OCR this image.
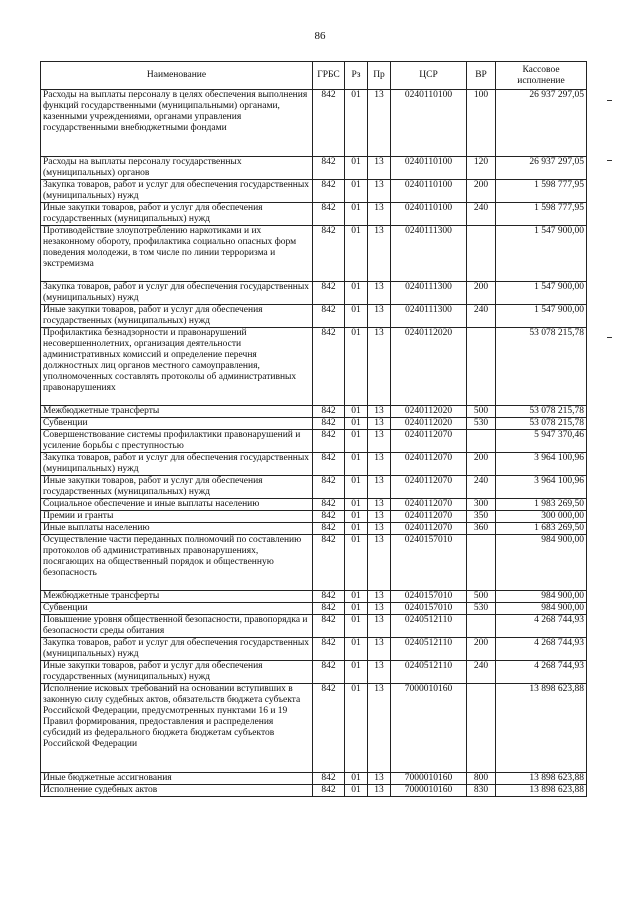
86
Наименование	ГРБС	Рз	Пр	ЦСР	ВР	Кассовое исполнение
Расходы на выплаты персоналу в целях обеспечения выполнения функций государственными (муниципальными) органами, казенными учреждениями, органами управления государственными внебюджетными фондами	842	01	13	0240110100	100	26 937 297,05
Расходы на выплаты персоналу государственных (муниципальных) органов	842	01	13	0240110100	120	26 937 297,05
Закупка товаров, работ и услуг для обеспечения государственных (муниципальных) нужд	842	01	13	0240110100	200	1 598 777,95
Иные закупки товаров, работ и услуг для обеспечения государственных (муниципальных) нужд	842	01	13	0240110100	240	1 598 777,95
Противодействие злоупотреблению наркотиками и их незаконному обороту, профилактика социально опасных форм поведения молодежи, в том числе по линии терроризма и экстремизма	842	01	13	0240111300		1 547 900,00
Закупка товаров, работ и услуг для обеспечения государственных (муниципальных) нужд	842	01	13	0240111300	200	1 547 900,00
Иные закупки товаров, работ и услуг для обеспечения государственных (муниципальных) нужд	842	01	13	0240111300	240	1 547 900,00
Профилактика безнадзорности и правонарушений несовершеннолетних, организация деятельности административных комиссий и определение перечня должностных лиц органов местного самоуправления, уполномоченных составлять протоколы об административных правонарушениях	842	01	13	0240112020		53 078 215,78
Межбюджетные трансферты	842	01	13	0240112020	500	53 078 215,78
Субвенции	842	01	13	0240112020	530	53 078 215,78
Совершенствование системы профилактики правонарушений и усиление борьбы с преступностью	842	01	13	0240112070		5 947 370,46
Закупка товаров, работ и услуг для обеспечения государственных (муниципальных) нужд	842	01	13	0240112070	200	3 964 100,96
Иные закупки товаров, работ и услуг для обеспечения государственных (муниципальных) нужд	842	01	13	0240112070	240	3 964 100,96
Социальное обеспечение и иные выплаты населению	842	01	13	0240112070	300	1 983 269,50
Премии и гранты	842	01	13	0240112070	350	300 000,00
Иные выплаты населению	842	01	13	0240112070	360	1 683 269,50
Осуществление части переданных полномочий по составлению протоколов об административных правонарушениях, посягающих на общественный порядок и общественную безопасность	842	01	13	0240157010		984 900,00
Межбюджетные трансферты	842	01	13	0240157010	500	984 900,00
Субвенции	842	01	13	0240157010	530	984 900,00
Повышение уровня общественной безопасности, правопорядка и безопасности среды обитания	842	01	13	0240512110		4 268 744,93
Закупка товаров, работ и услуг для обеспечения государственных (муниципальных) нужд	842	01	13	0240512110	200	4 268 744,93
Иные закупки товаров, работ и услуг для обеспечения государственных (муниципальных) нужд	842	01	13	0240512110	240	4 268 744,93
Исполнение исковых требований на основании вступивших в законную силу судебных актов, обязательств бюджета субъекта Российской Федерации, предусмотренных пунктами 16 и 19 Правил формирования, предоставления и распределения субсидий из федерального бюджета бюджетам субъектов Российской Федерации	842	01	13	7000010160		13 898 623,88
Иные бюджетные ассигнования	842	01	13	7000010160	800	13 898 623,88
Исполнение судебных актов	842	01	13	7000010160	830	13 898 623,88
